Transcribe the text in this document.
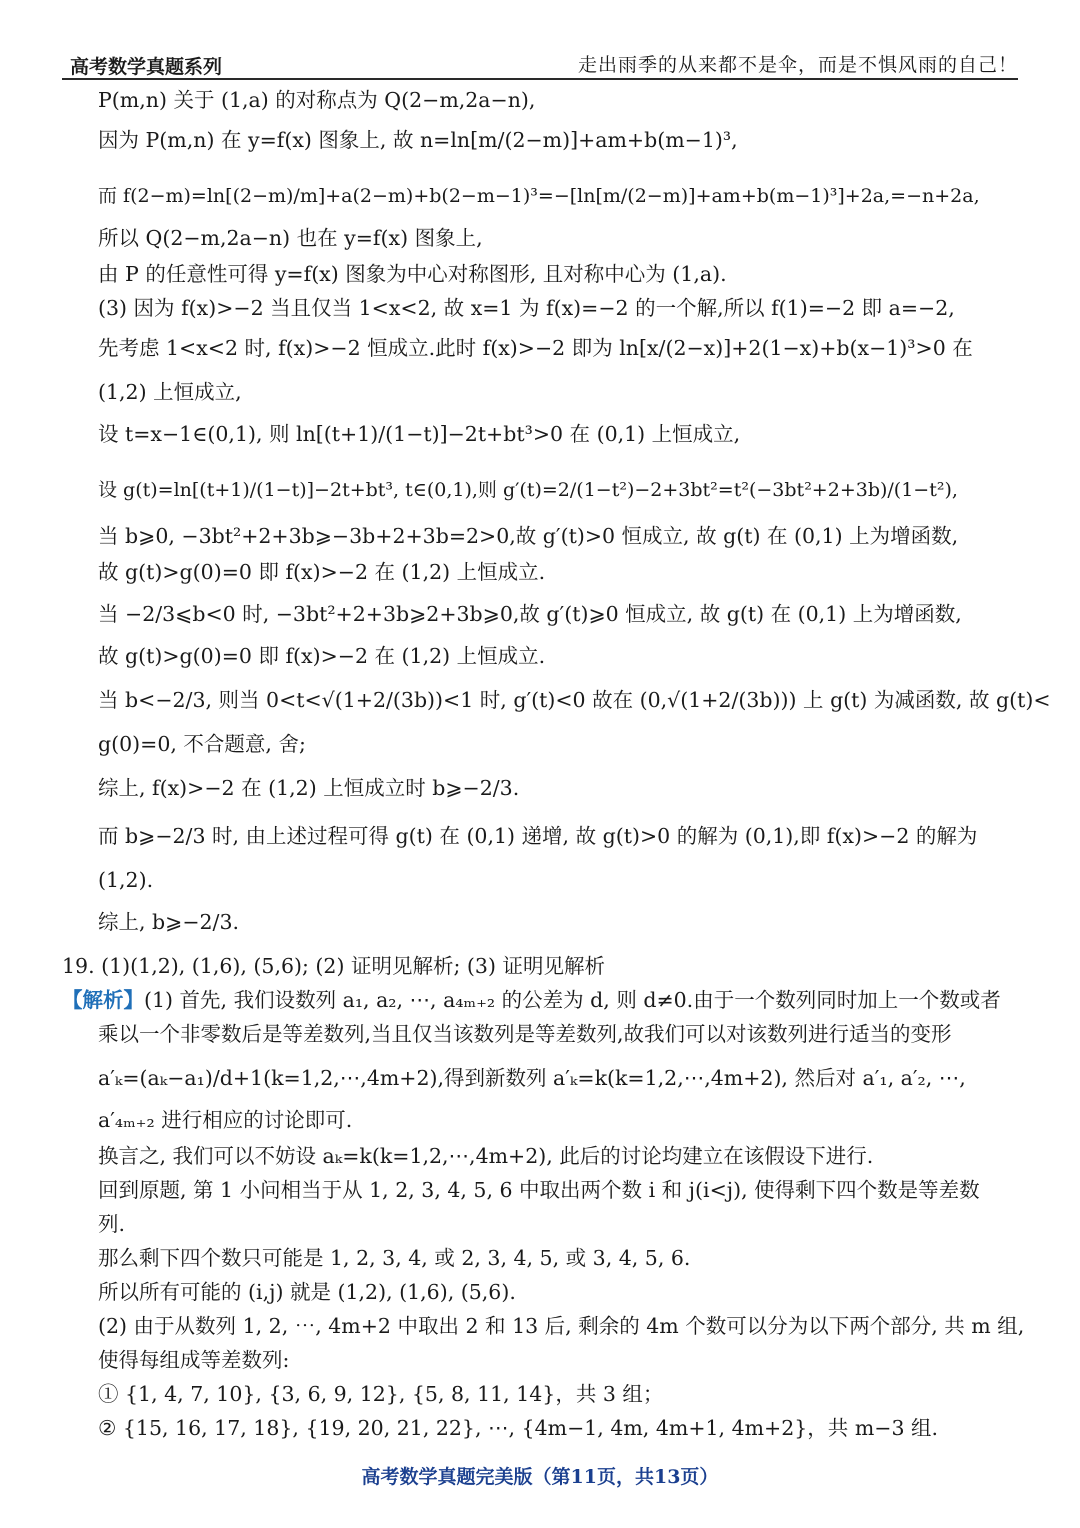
高考数学真题系列	走出雨季的从来都不是伞，而是不惧风雨的自己！
P(m,n) 关于 (1,a) 的对称点为 Q(2−m,2a−n),
因为 P(m,n) 在 y=f(x) 图象上, 故 n=ln[m/(2−m)]+am+b(m−1)³,
而 f(2−m)=ln[(2−m)/m]+a(2−m)+b(2−m−1)³=−[ln[m/(2−m)]+am+b(m−1)³]+2a,=−n+2a,
所以 Q(2−m,2a−n) 也在 y=f(x) 图象上,
由 P 的任意性可得 y=f(x) 图象为中心对称图形, 且对称中心为 (1,a).
(3) 因为 f(x)>−2 当且仅当 1<x<2, 故 x=1 为 f(x)=−2 的一个解,所以 f(1)=−2 即 a=−2,
先考虑 1<x<2 时, f(x)>−2 恒成立.此时 f(x)>−2 即为 ln[x/(2−x)]+2(1−x)+b(x−1)³>0 在
(1,2) 上恒成立,
设 t=x−1∈(0,1), 则 ln[(t+1)/(1−t)]−2t+bt³>0 在 (0,1) 上恒成立,
设 g(t)=ln[(t+1)/(1−t)]−2t+bt³, t∈(0,1),则 g′(t)=2/(1−t²)−2+3bt²=t²(−3bt²+2+3b)/(1−t²),
当 b⩾0, −3bt²+2+3b⩾−3b+2+3b=2>0,故 g′(t)>0 恒成立, 故 g(t) 在 (0,1) 上为增函数,
故 g(t)>g(0)=0 即 f(x)>−2 在 (1,2) 上恒成立.
当 −2/3⩽b<0 时, −3bt²+2+3b⩾2+3b⩾0,故 g′(t)⩾0 恒成立, 故 g(t) 在 (0,1) 上为增函数,
故 g(t)>g(0)=0 即 f(x)>−2 在 (1,2) 上恒成立.
当 b<−2/3, 则当 0<t<√(1+2/(3b))<1 时, g′(t)<0 故在 (0,√(1+2/(3b))) 上 g(t) 为减函数, 故 g(t)<
g(0)=0, 不合题意, 舍;
综上, f(x)>−2 在 (1,2) 上恒成立时 b⩾−2/3.
而 b⩾−2/3 时, 由上述过程可得 g(t) 在 (0,1) 递增, 故 g(t)>0 的解为 (0,1),即 f(x)>−2 的解为
(1,2).
综上, b⩾−2/3.
19. (1)(1,2), (1,6), (5,6); (2) 证明见解析; (3) 证明见解析
【解析】(1) 首先, 我们设数列 a₁, a₂, ⋯, a₄ₘ₊₂ 的公差为 d, 则 d≠0.由于一个数列同时加上一个数或者
乘以一个非零数后是等差数列,当且仅当该数列是等差数列,故我们可以对该数列进行适当的变形
a′ₖ=(aₖ−a₁)/d+1(k=1,2,⋯,4m+2),得到新数列 a′ₖ=k(k=1,2,⋯,4m+2), 然后对 a′₁, a′₂, ⋯,
a′₄ₘ₊₂ 进行相应的讨论即可.
换言之, 我们可以不妨设 aₖ=k(k=1,2,⋯,4m+2), 此后的讨论均建立在该假设下进行.
回到原题, 第 1 小问相当于从 1, 2, 3, 4, 5, 6 中取出两个数 i 和 j(i<j), 使得剩下四个数是等差数
列.
那么剩下四个数只可能是 1, 2, 3, 4, 或 2, 3, 4, 5, 或 3, 4, 5, 6.
所以所有可能的 (i,j) 就是 (1,2), (1,6), (5,6).
(2) 由于从数列 1, 2, ⋯, 4m+2 中取出 2 和 13 后, 剩余的 4m 个数可以分为以下两个部分, 共 m 组,
使得每组成等差数列:
① {1, 4, 7, 10}, {3, 6, 9, 12}, {5, 8, 11, 14}，共 3 组；
② {15, 16, 17, 18}, {19, 20, 21, 22}, ⋯, {4m−1, 4m, 4m+1, 4m+2}，共 m−3 组.
高考数学真题完美版（第11页，共13页）
